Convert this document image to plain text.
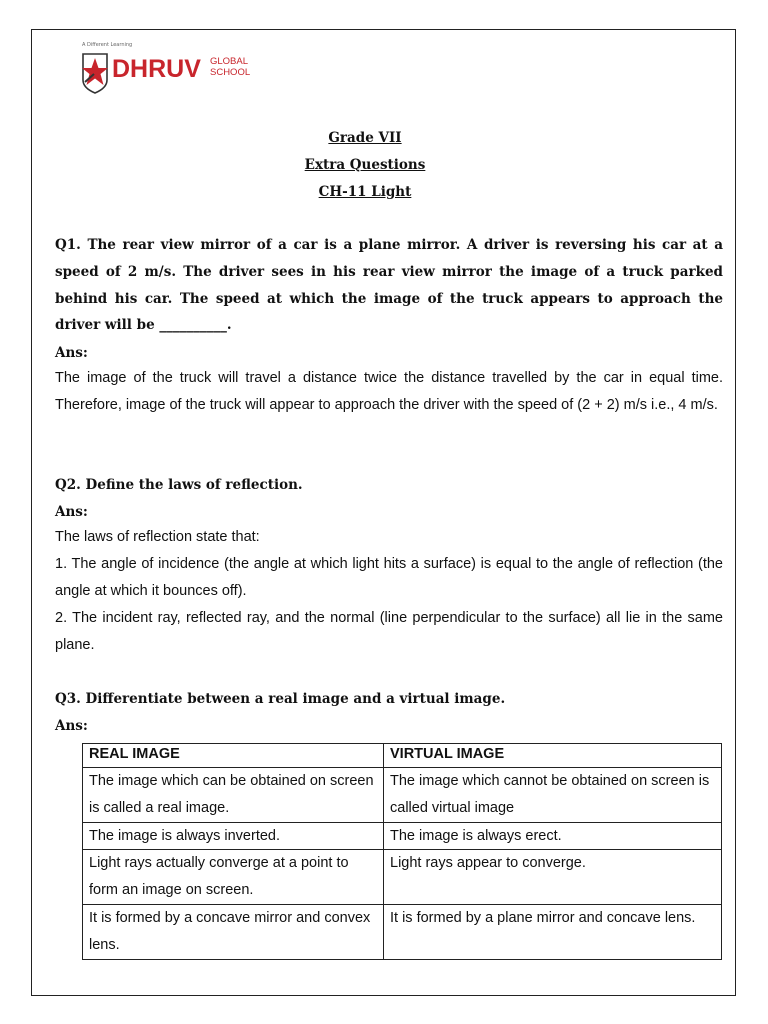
A Different Learning
DHRUV GLOBAL
SCHOOL
Grade VII
Extra Questions
CH-11 Light
Q1. The rear view mirror of a car is a plane mirror. A driver is reversing his car at a speed of 2 m/s. The driver sees in his rear view mirror the image of a truck parked behind his car. The speed at which the image of the truck appears to approach the driver will be __________.
Ans:
The image of the truck will travel a distance twice the distance travelled by the car in equal time. Therefore, image of the truck will appear to approach the driver with the speed of (2 + 2) m/s i.e., 4 m/s.
Q2. Define the laws of reflection.
Ans:
The laws of reflection state that:
1. The angle of incidence (the angle at which light hits a surface) is equal to the angle of reflection (the angle at which it bounces off).
2. The incident ray, reflected ray, and the normal (line perpendicular to the surface) all lie in the same plane.
Q3. Differentiate between a real image and a virtual image.
Ans:
REAL IMAGE	VIRTUAL IMAGE
The image which can be obtained on screen is called a real image.	The image which cannot be obtained on screen is called virtual image
The image is always inverted.	The image is always erect.
Light rays actually converge at a point to form an image on screen.	Light rays appear to converge.
It is formed by a concave mirror and convex lens.	It is formed by a plane mirror and concave lens.
